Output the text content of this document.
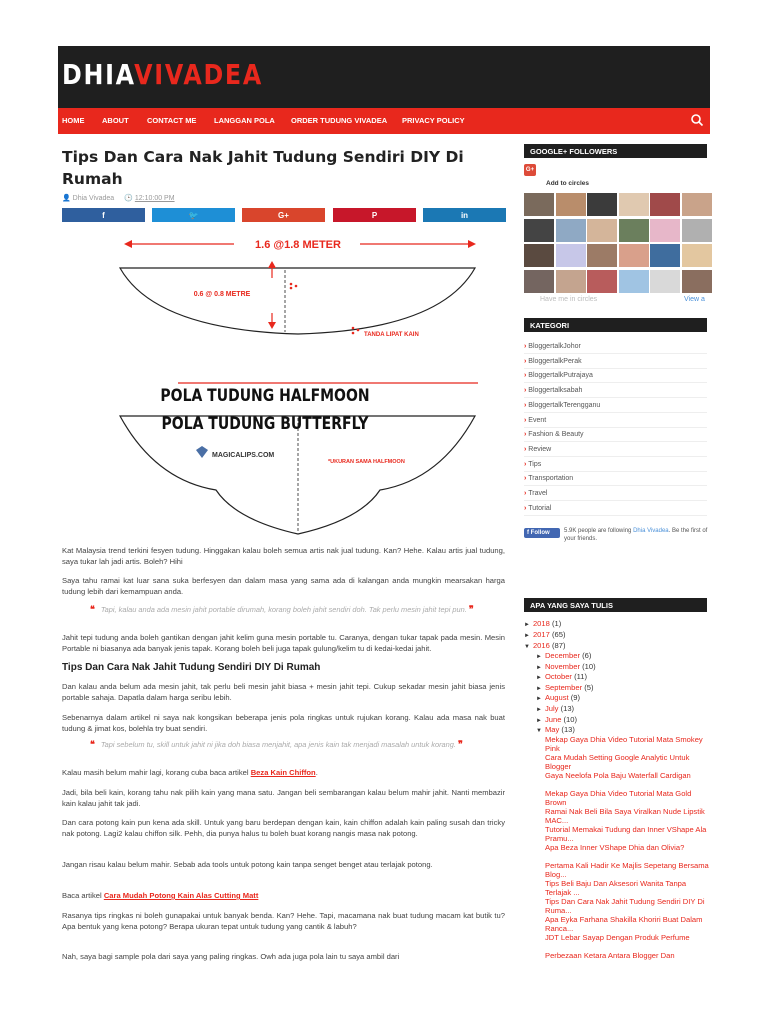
DHIAVIVADEA
HOME ABOUT CONTACT ME LANGGAN POLA ORDER TUDUNG VIVADEA PRIVACY POLICY
Tips Dan Cara Nak Jahit Tudung Sendiri DIY Di Rumah
👤 Dhia Vivadea 🕒 12:10:00 PM
f	🐦	G+	P	in
1.6 @1.8 METER
0.6 @ 0.8 METRE
TANDA LIPAT KAIN
POLA TUDUNG HALFMOON
POLA TUDUNG BUTTERFLY
MAGICALIPS.COM
*UKURAN SAMA HALFMOON

Kat Malaysia trend terkini fesyen tudung. Hinggakan kalau boleh semua artis nak jual tudung. Kan? Hehe. Kalau artis jual tudung, saya tukar lah jadi artis. Boleh? Hihi

Saya tahu ramai kat luar sana suka berfesyen dan dalam masa yang sama ada di kalangan anda mungkin mearsakan harga tudung lebih dari kemampuan anda.

❝ Tapi, kalau anda ada mesin jahit portable dirumah, korang boleh jahit sendiri doh. Tak perlu mesin jahit tepi pun. ❞

Jahit tepi tudung anda boleh gantikan dengan jahit kelim guna mesin portable tu. Caranya, dengan tukar tapak pada mesin. Mesin Portable ni biasanya ada banyak jenis tapak. Korang boleh beli juga tapak gulung/kelim tu di kedai-kedai jahit.

Tips Dan Cara Nak Jahit Tudung Sendiri DIY Di Rumah

Dan kalau anda belum ada mesin jahit, tak perlu beli mesin jahit biasa + mesin jahit tepi. Cukup sekadar mesin jahit biasa jenis portable sahaja. Dapatla dalam harga seribu lebih.

Sebenarnya dalam artikel ni saya nak kongsikan beberapa jenis pola ringkas untuk rujukan korang. Kalau ada masa nak buat tudung & jimat kos, bolehla try buat sendiri.

❝ Tapi sebelum tu, skill untuk jahit ni jika doh biasa menjahit, apa jenis kain tak menjadi masalah untuk korang. ❞

Kalau masih belum mahir lagi, korang cuba baca artikel Beza Kain Chiffon.

Jadi, bila beli kain, korang tahu nak pilih kain yang mana satu. Jangan beli sembarangan kalau belum mahir jahit. Nanti membazir kain kalau jahit tak jadi.

Dan cara potong kain pun kena ada skill. Untuk yang baru berdepan dengan kain, kain chiffon adalah kain paling susah dan tricky nak potong. Lagi2 kalau chiffon silk. Pehh, dia punya halus tu boleh buat korang nangis masa nak potong.

Jangan risau kalau belum mahir. Sebab ada tools untuk potong kain tanpa senget benget atau terlajak potong.

Baca artikel Cara Mudah Potong Kain Alas Cutting Matt

Rasanya tips ringkas ni boleh gunapakai untuk banyak benda. Kan? Hehe. Tapi, macamana nak buat tudung macam kat butik tu? Apa bentuk yang kena potong? Berapa ukuran tepat untuk tudung yang cantik & labuh?

Nah, saya bagi sample pola dari saya yang paling ringkas. Owh ada juga pola lain tu saya ambil dari

GOOGLE+ FOLLOWERS
G+
Add to circles
Have me in circles	View a
KATEGORI
› BloggertalkJohor
› BloggertalkPerak
› BloggertalkPutrajaya
› Bloggertalksabah
› BloggertalkTerengganu
› Event
› Fashion & Beauty
› Review
› Tips
› Transportation
› Travel
› Tutorial
f Follow	5.9K people are following Dhia Vivadea. Be the first of your friends.
APA YANG SAYA TULIS
► 2018 (1)
► 2017 (65)
▼ 2016 (87)
► December (6)
► November (10)
► October (11)
► September (5)
► August (9)
► July (13)
► June (10)
▼ May (13)
Mekap Gaya Dhia Video Tutorial Mata Smokey Pink
Cara Mudah Setting Google Analytic Untuk Blogger
Gaya Neelofa Pola Baju Waterfall Cardigan
Mekap Gaya Dhia Video Tutorial Mata Gold Brown
Ramai Nak Beli Bila Saya Viralkan Nude Lipstik MAC...
Tutorial Memakai Tudung dan Inner VShape Ala Pramu...
Apa Beza Inner VShape Dhia dan Olivia?
Pertama Kali Hadir Ke Majlis Sepetang Bersama Blog...
Tips Beli Baju Dan Aksesori Wanita Tanpa Terlajak ...
Tips Dan Cara Nak Jahit Tudung Sendiri DIY Di Ruma...
Apa Eyka Farhana Shakilla Khoriri Buat Dalam Ranca...
JDT Lebar Sayap Dengan Produk Perfume
Perbezaan Ketara Antara Blogger Dan
